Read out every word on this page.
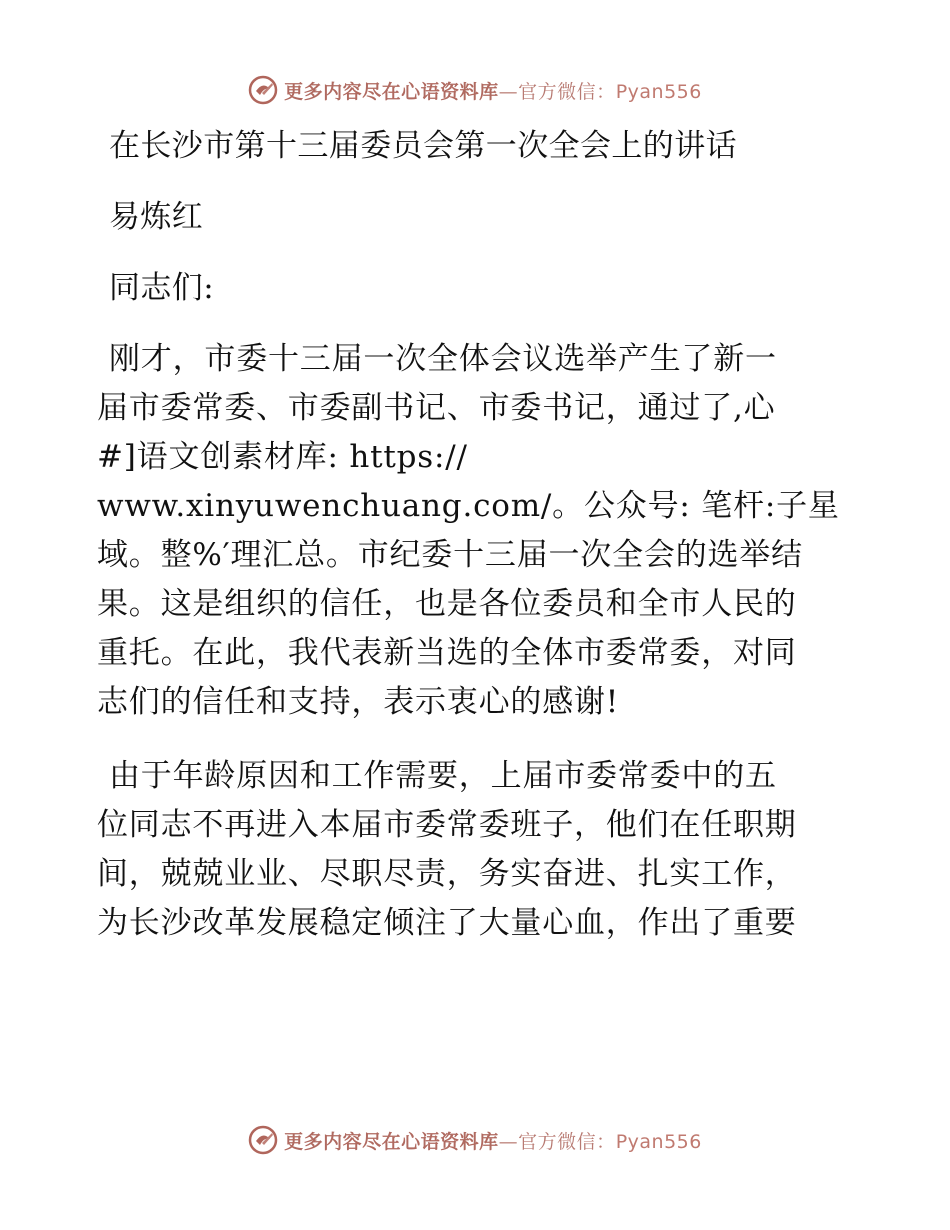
更多内容尽在心语资料库—官方微信：Pyan556
在长沙市第十三届委员会第一次全会上的讲话
易炼红
同志们:
刚才，市委十三届一次全体会议选举产生了新一
届市委常委、市委副书记、市委书记，通过了,心
#]语文创素材库: https://
www.xinyuwenchuang.com/。公众号: 笔杆:子星
域。整%′理汇总。市纪委十三届一次全会的选举结
果。这是组织的信任，也是各位委员和全市人民的
重托。在此，我代表新当选的全体市委常委，对同
志们的信任和支持，表示衷心的感谢!
由于年龄原因和工作需要，上届市委常委中的五
位同志不再进入本届市委常委班子，他们在任职期
间，兢兢业业、尽职尽责，务实奋进、扎实工作，
为长沙改革发展稳定倾注了大量心血，作出了重要
更多内容尽在心语资料库—官方微信：Pyan556
